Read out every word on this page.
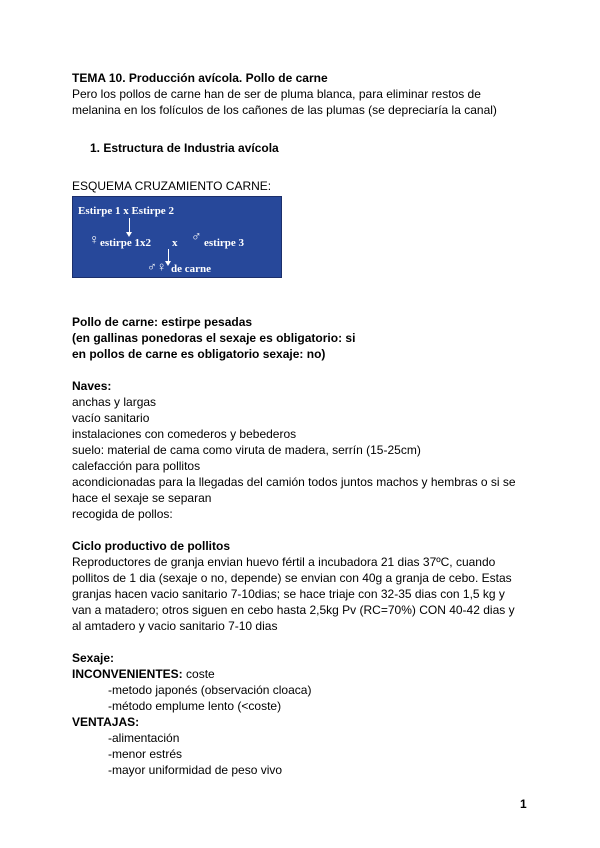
TEMA 10. Producción avícola. Pollo de carne
Pero los pollos de carne han de ser de pluma blanca, para eliminar restos de
melanina en los folículos de los cañones de las plumas (se depreciaría la canal)
1. Estructura de Industria avícola
ESQUEMA CRUZAMIENTO CARNE:
Estirpe 1 x Estirpe 2
♀ estirpe 1x2 x ♂ estirpe 3
♂♀ de carne
Pollo de carne: estirpe pesadas
(en gallinas ponedoras el sexaje es obligatorio: si
en pollos de carne es obligatorio sexaje: no)
Naves:
anchas y largas
vacío sanitario
instalaciones con comederos y bebederos
suelo: material de cama como viruta de madera, serrín (15-25cm)
calefacción para pollitos
acondicionadas para la llegadas del camión todos juntos machos y hembras o si se
hace el sexaje se separan
recogida de pollos:
Ciclo productivo de pollitos
Reproductores de granja envian huevo fértil a incubadora 21 dias 37ºC, cuando
pollitos de 1 dia (sexaje o no, depende) se envian con 40g a granja de cebo. Estas
granjas hacen vacio sanitario 7-10dias; se hace triaje con 32-35 dias con 1,5 kg y
van a matadero; otros siguen en cebo hasta 2,5kg Pv (RC=70%) CON 40-42 dias y
al amtadero y vacio sanitario 7-10 dias
Sexaje:
INCONVENIENTES: coste
-metodo japonés (observación cloaca)
-método emplume lento (<coste)
VENTAJAS:
-alimentación
-menor estrés
-mayor uniformidad de peso vivo
1
